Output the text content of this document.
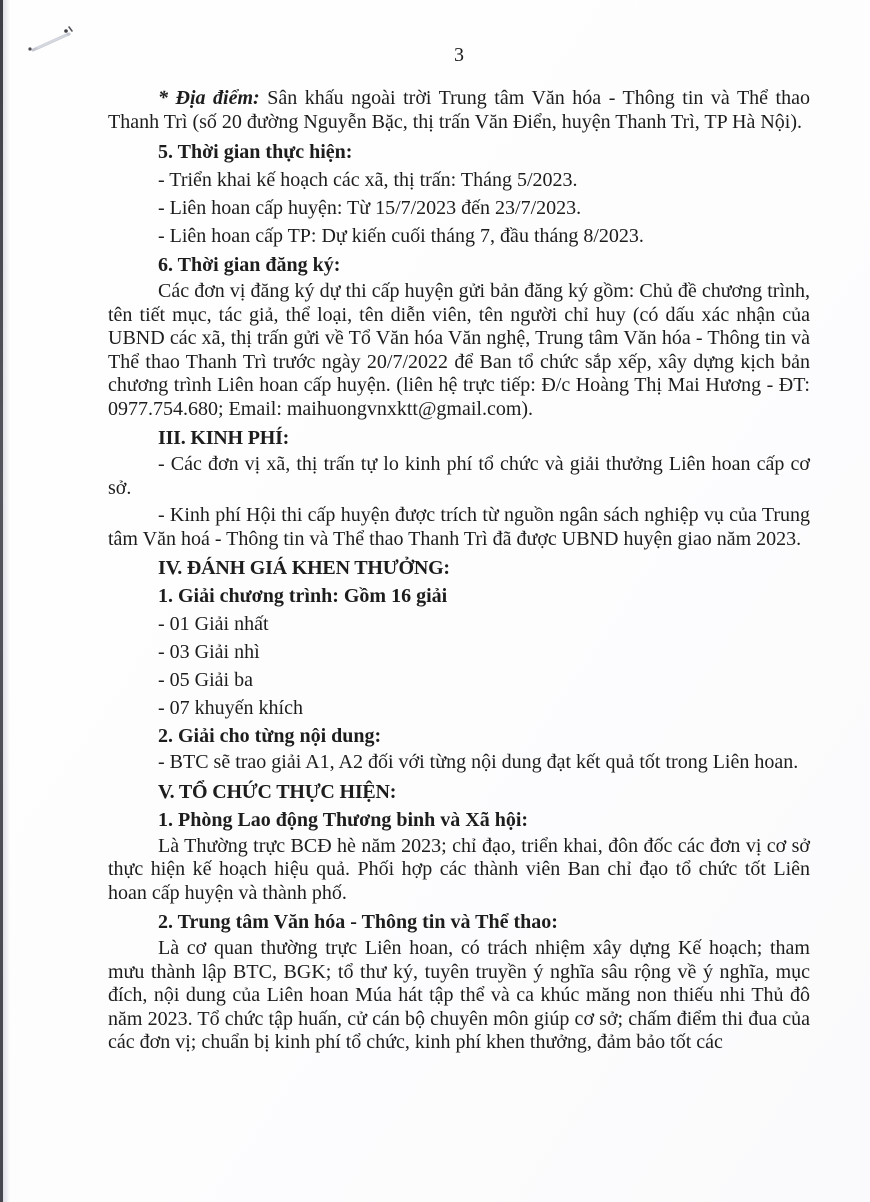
3

* Địa điểm: Sân khấu ngoài trời Trung tâm Văn hóa - Thông tin và Thể thao Thanh Trì (số 20 đường Nguyễn Bặc, thị trấn Văn Điển, huyện Thanh Trì, TP Hà Nội).

5. Thời gian thực hiện:

- Triển khai kế hoạch các xã, thị trấn: Tháng 5/2023.

- Liên hoan cấp huyện: Từ 15/7/2023 đến 23/7/2023.

- Liên hoan cấp TP: Dự kiến cuối tháng 7, đầu tháng 8/2023.

6. Thời gian đăng ký:

Các đơn vị đăng ký dự thi cấp huyện gửi bản đăng ký gồm: Chủ đề chương trình, tên tiết mục, tác giả, thể loại, tên diễn viên, tên người chỉ huy (có dấu xác nhận của UBND các xã, thị trấn gửi về Tổ Văn hóa Văn nghệ, Trung tâm Văn hóa - Thông tin và Thể thao Thanh Trì trước ngày 20/7/2022 để Ban tổ chức sắp xếp, xây dựng kịch bản chương trình Liên hoan cấp huyện. (liên hệ trực tiếp: Đ/c Hoàng Thị Mai Hương - ĐT: 0977.754.680; Email: maihuongvnxktt@gmail.com).

III. KINH PHÍ:

- Các đơn vị xã, thị trấn tự lo kinh phí tổ chức và giải thưởng Liên hoan cấp cơ sở.

- Kinh phí Hội thi cấp huyện được trích từ nguồn ngân sách nghiệp vụ của Trung tâm Văn hoá - Thông tin và Thể thao Thanh Trì đã được UBND huyện giao năm 2023.

IV. ĐÁNH GIÁ KHEN THƯỞNG:

1. Giải chương trình: Gồm 16 giải

- 01 Giải nhất

- 03 Giải nhì

- 05 Giải ba

- 07 khuyến khích

2. Giải cho từng nội dung:

- BTC sẽ trao giải A1, A2 đối với từng nội dung đạt kết quả tốt trong Liên hoan.

V. TỔ CHỨC THỰC HIỆN:

1. Phòng Lao động Thương binh và Xã hội:

Là Thường trực BCĐ hè năm 2023; chỉ đạo, triển khai, đôn đốc các đơn vị cơ sở thực hiện kế hoạch hiệu quả. Phối hợp các thành viên Ban chỉ đạo tổ chức tốt Liên hoan cấp huyện và thành phố.

2. Trung tâm Văn hóa - Thông tin và Thể thao:

Là cơ quan thường trực Liên hoan, có trách nhiệm xây dựng Kế hoạch; tham mưu thành lập BTC, BGK; tổ thư ký, tuyên truyền ý nghĩa sâu rộng về ý nghĩa, mục đích, nội dung của Liên hoan Múa hát tập thể và ca khúc măng non thiếu nhi Thủ đô năm 2023. Tổ chức tập huấn, cử cán bộ chuyên môn giúp cơ sở; chấm điểm thi đua của các đơn vị; chuẩn bị kinh phí tổ chức, kinh phí khen thưởng, đảm bảo tốt các
